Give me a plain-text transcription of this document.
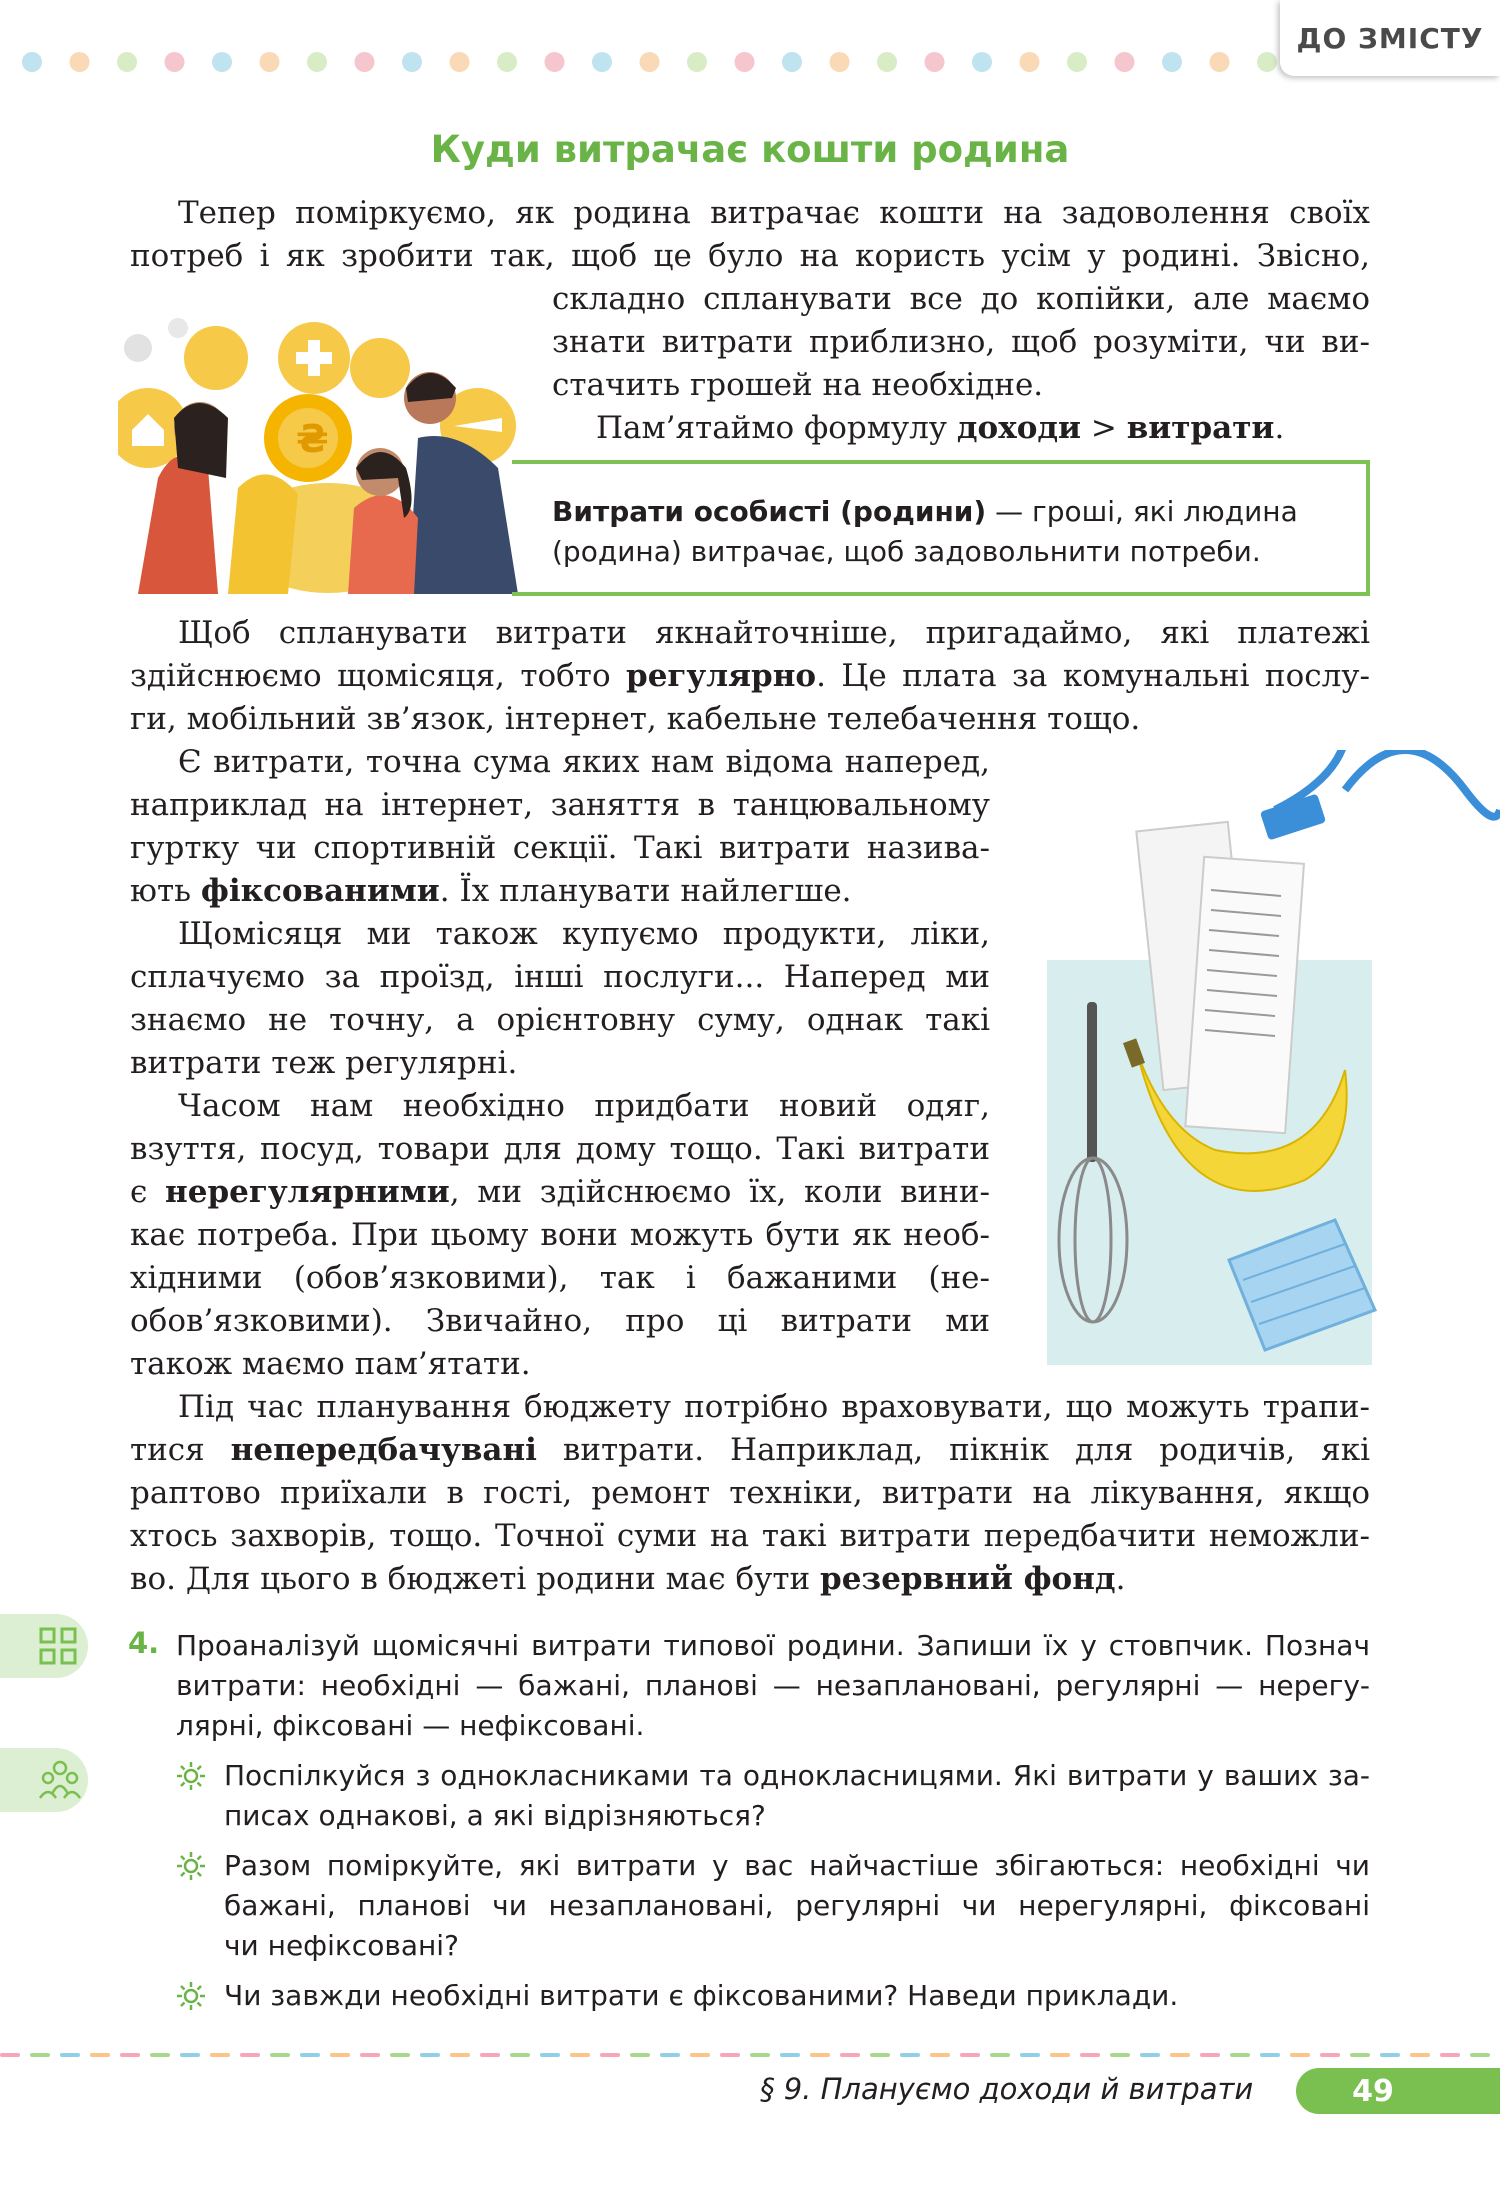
ДО ЗМІСТУ
Куди витрачає кошти родина
Тепер поміркуємо, як родина витрачає кошти на задоволення своїх
потреб і як зробити так, щоб це було на користь усім у родині. Звісно,
складно спланувати все до копійки, але маємо
знати витрати приблизно, щоб розуміти, чи ви-
стачить грошей на необхідне.
Пам’ятаймо формулу доходи > витрати.
₴
Витрати особисті (родини) — гроші, які людина
(родина) витрачає, щоб задовольнити потреби.
Щоб спланувати витрати якнайточніше, пригадаймо, які платежі
здійснюємо щомісяця, тобто регулярно. Це плата за комунальні послу-
ги, мобільний зв’язок, інтернет, кабельне телебачення тощо.
Є витрати, точна сума яких нам відома наперед,
наприклад на інтернет, заняття в танцювальному
гуртку чи спортивній секції. Такі витрати назива-
ють фіксованими. Їх планувати найлегше.
Щомісяця ми також купуємо продукти, ліки,
сплачуємо за проїзд, інші послуги... Наперед ми
знаємо не точну, а орієнтовну суму, однак такі
витрати теж регулярні.
Часом нам необхідно придбати новий одяг,
взуття, посуд, товари для дому тощо. Такі витрати
є нерегулярними, ми здійснюємо їх, коли вини-
кає потреба. При цьому вони можуть бути як необ-
хідними (обов’язковими), так і бажаними (не-
обов’язковими). Звичайно, про ці витрати ми
також маємо пам’ятати.
Під час планування бюджету потрібно враховувати, що можуть трапи-
тися непередбачувані витрати. Наприклад, пікнік для родичів, які
раптово приїхали в гості, ремонт техніки, витрати на лікування, якщо
хтось захворів, тощо. Точної суми на такі витрати передбачити неможли-
во. Для цього в бюджеті родини має бути резервний фонд.
4. Проаналізуй щомісячні витрати типової родини. Запиши їх у стовпчик. Познач
витрати: необхідні — бажані, планові — незаплановані, регулярні — нерегу-
лярні, фіксовані — нефіксовані.
Поспілкуйся з однокласниками та однокласницями. Які витрати у ваших за-
писах однакові, а які відрізняються?
Разом поміркуйте, які витрати у вас найчастіше збігаються: необхідні чи
бажані, планові чи незаплановані, регулярні чи нерегулярні, фіксовані
чи нефіксовані?
Чи завжди необхідні витрати є фіксованими? Наведи приклади.
§ 9. Плануємо доходи й витрати	49
